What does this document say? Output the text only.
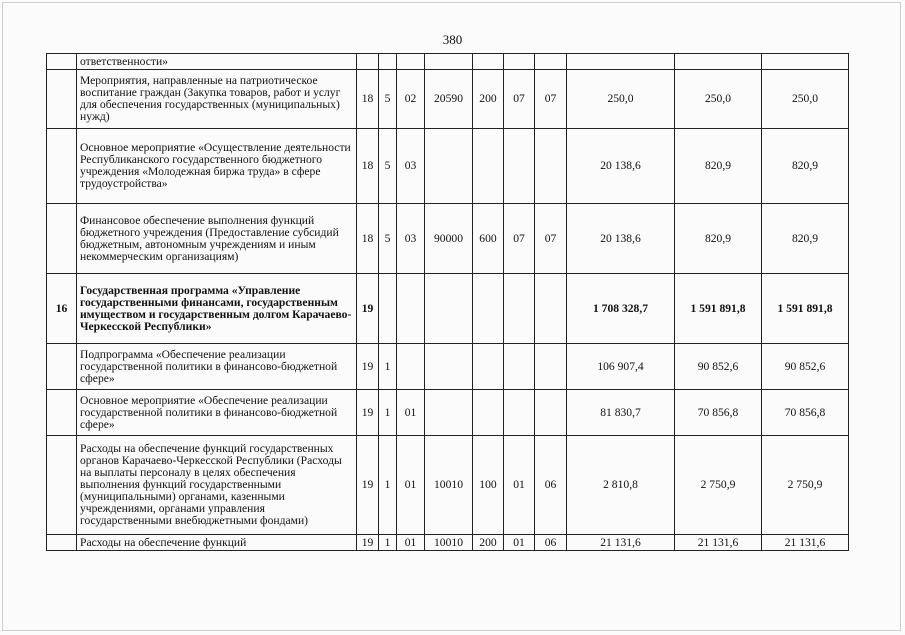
380
	ответственности»										
	Мероприятия, направленные на патриотическое воспитание граждан (Закупка товаров, работ и услуг для обеспечения государственных (муниципальных) нужд)	18	5	02	20590	200	07	07	250,0	250,0	250,0
	Основное мероприятие «Осуществление деятельности Республиканского государственного бюджетного учреждения «Молодежная биржа труда» в сфере трудоустройства»	18	5	03					20 138,6	820,9	820,9
	Финансовое обеспечение выполнения функций бюджетного учреждения (Предоставление субсидий бюджетным, автономным учреждениям и иным некоммерческим организациям)	18	5	03	90000	600	07	07	20 138,6	820,9	820,9
16	Государственная программа «Управление государственными финансами, государственным имуществом и государственным долгом Карачаево-Черкесской Республики»	19							1 708 328,7	1 591 891,8	1 591 891,8
	Подпрограмма «Обеспечение реализации государственной политики в финансово-бюджетной сфере»	19	1						106 907,4	90 852,6	90 852,6
	Основное мероприятие «Обеспечение реализации государственной политики в финансово-бюджетной сфере»	19	1	01					81 830,7	70 856,8	70 856,8
	Расходы на обеспечение функций государственных органов Карачаево-Черкесской Республики (Расходы на выплаты персоналу в целях обеспечения выполнения функций государственными (муниципальными) органами, казенными учреждениями, органами управления государственными внебюджетными фондами)	19	1	01	10010	100	01	06	2 810,8	2 750,9	2 750,9
	Расходы на обеспечение функций	19	1	01	10010	200	01	06	21 131,6	21 131,6	21 131,6
